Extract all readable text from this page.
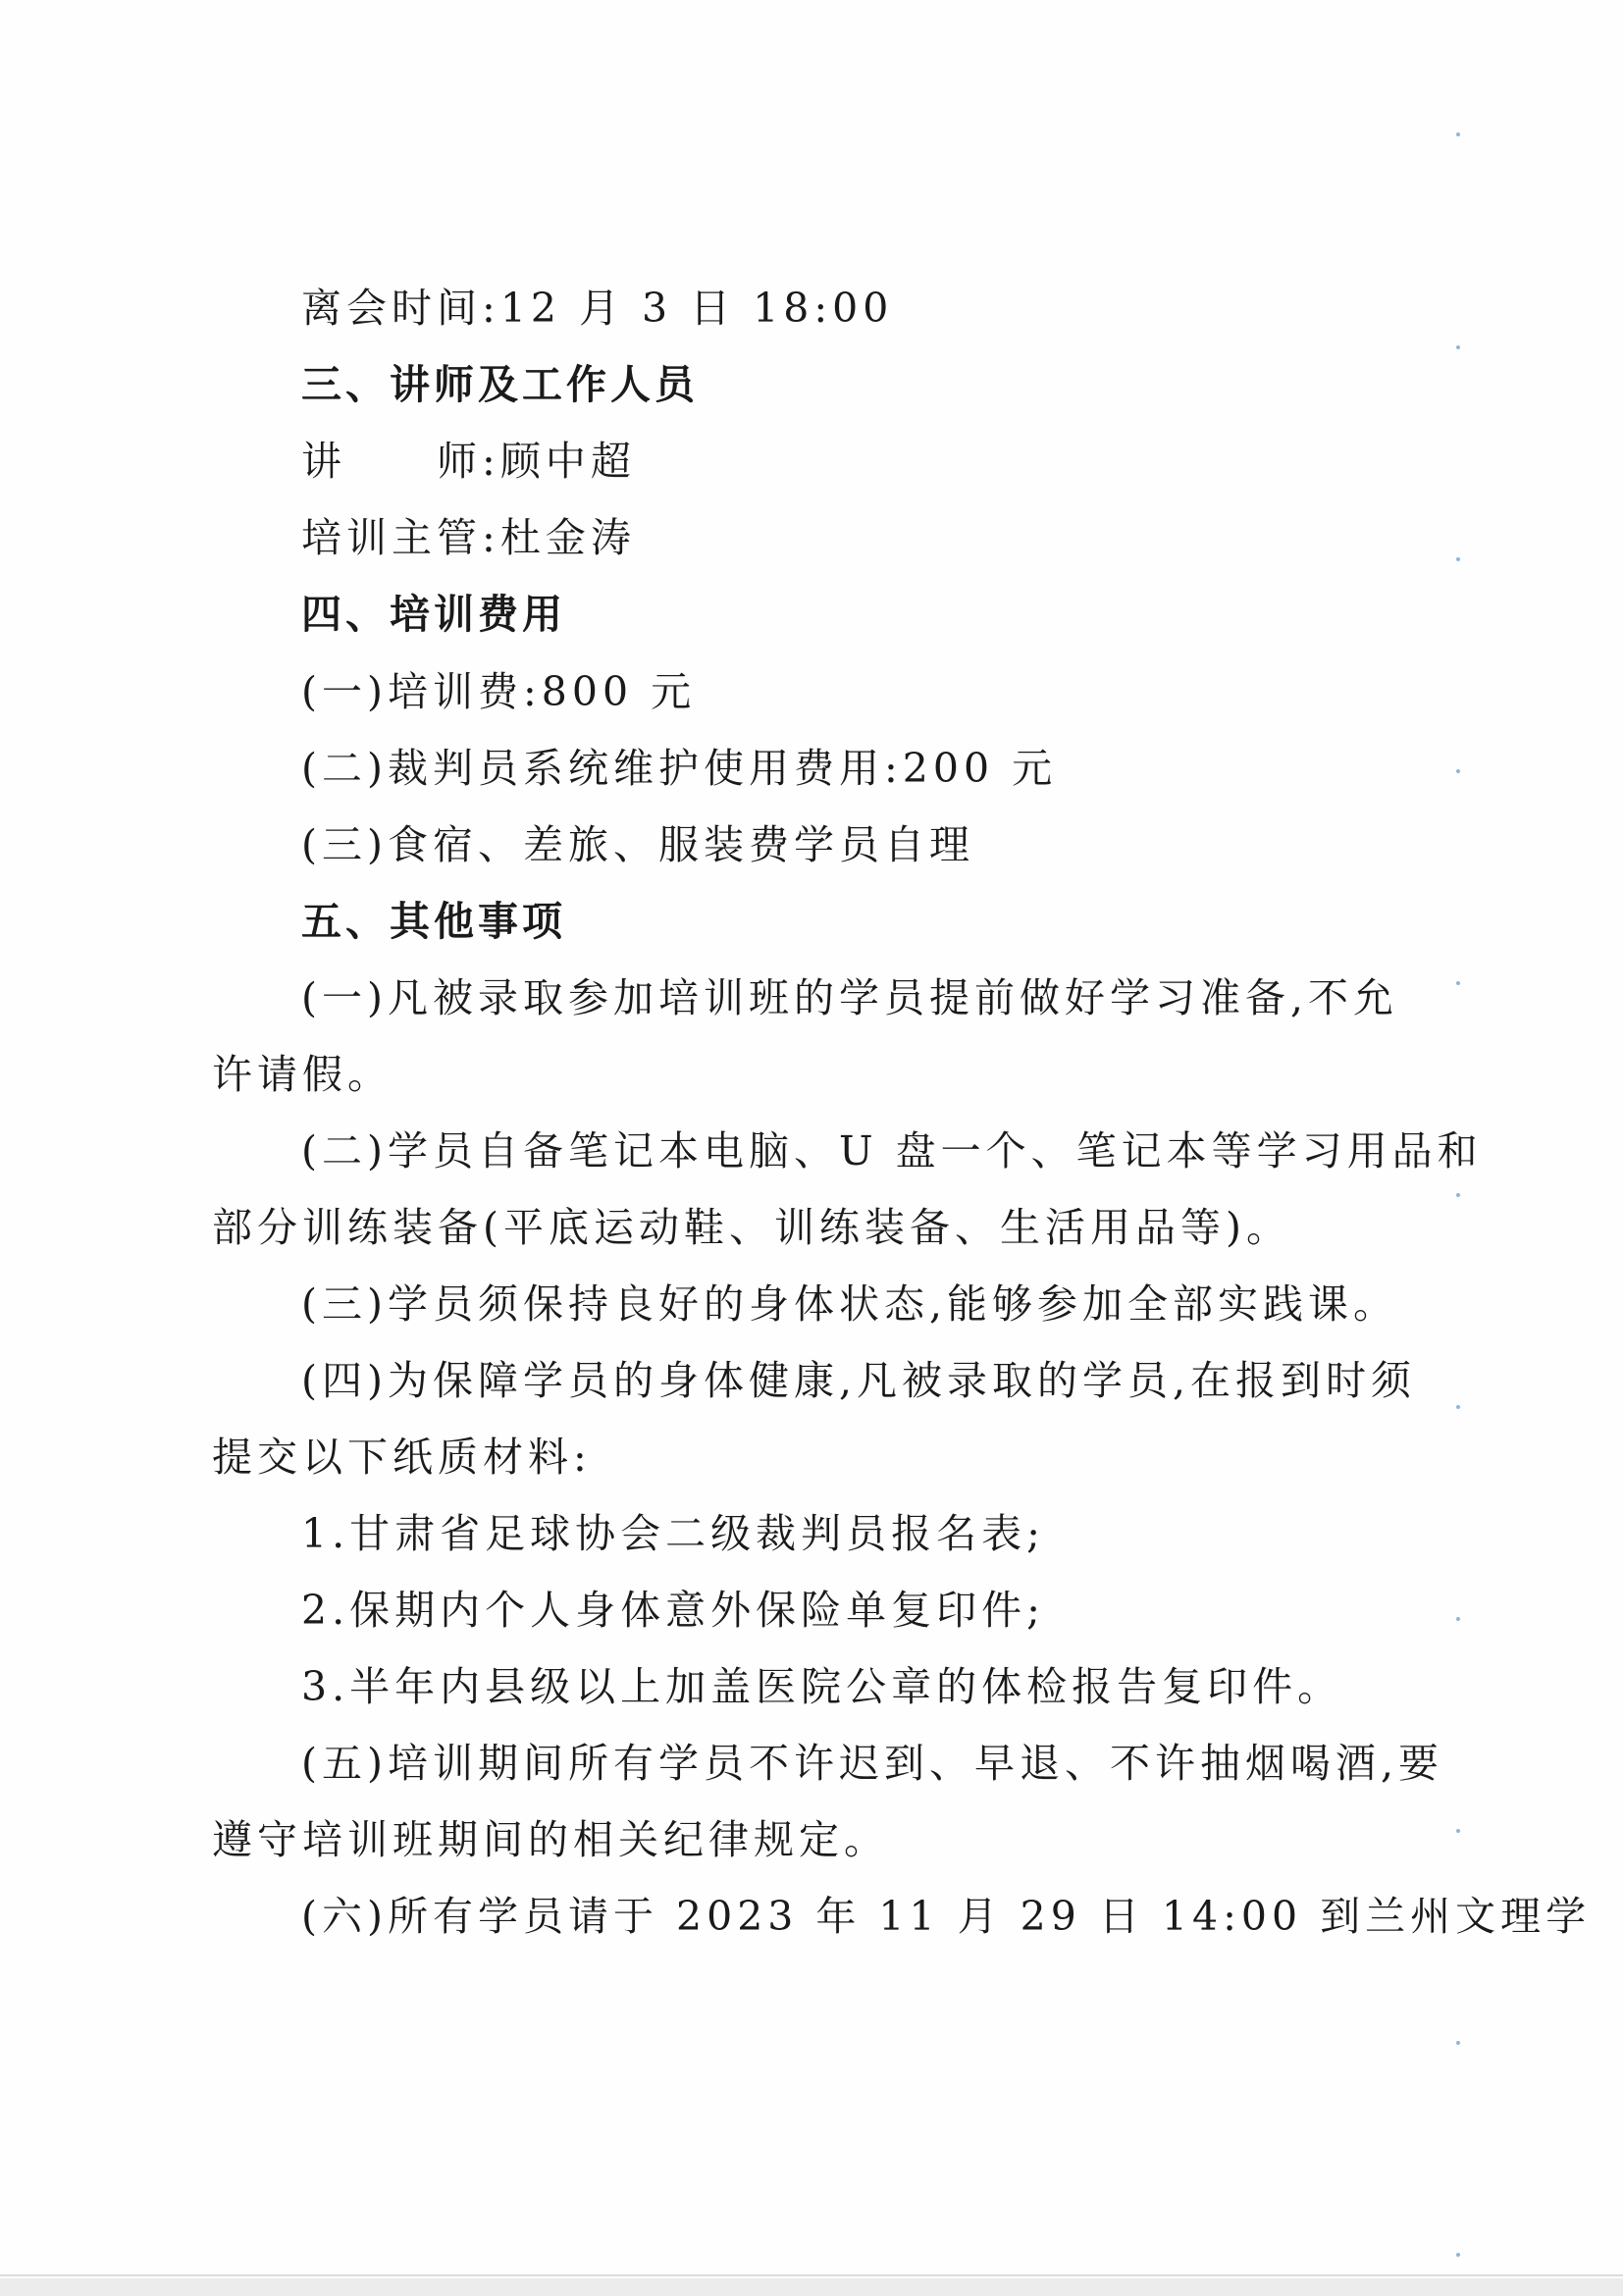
离会时间:12 月 3 日 18:00
三、讲师及工作人员
讲　　师:顾中超
培训主管:杜金涛
四、培训费用
(一)培训费:800 元
(二)裁判员系统维护使用费用:200 元
(三)食宿、差旅、服装费学员自理
五、其他事项
(一)凡被录取参加培训班的学员提前做好学习准备,不允
许请假。
(二)学员自备笔记本电脑、U 盘一个、笔记本等学习用品和
部分训练装备(平底运动鞋、训练装备、生活用品等)。
(三)学员须保持良好的身体状态,能够参加全部实践课。
(四)为保障学员的身体健康,凡被录取的学员,在报到时须
提交以下纸质材料:
1.甘肃省足球协会二级裁判员报名表;
2.保期内个人身体意外保险单复印件;
3.半年内县级以上加盖医院公章的体检报告复印件。
(五)培训期间所有学员不许迟到、早退、不许抽烟喝酒,要
遵守培训班期间的相关纪律规定。
(六)所有学员请于 2023 年 11 月 29 日 14:00 到兰州文理学
